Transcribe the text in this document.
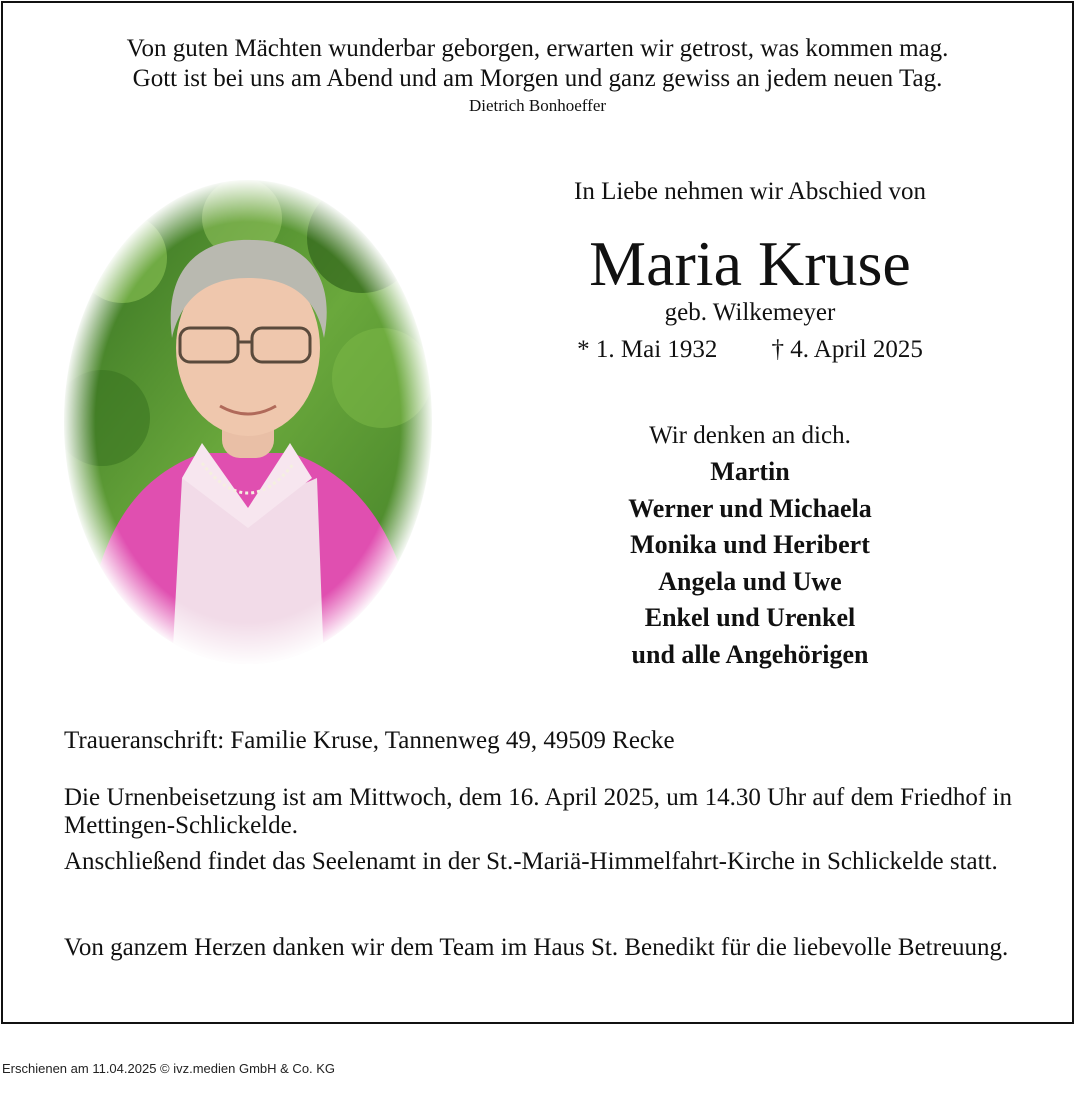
Von guten Mächten wunderbar geborgen, erwarten wir getrost, was kommen mag.
Gott ist bei uns am Abend und am Morgen und ganz gewiss an jedem neuen Tag.
Dietrich Bonhoeffer
In Liebe nehmen wir Abschied von
Maria Kruse
geb. Wilkemeyer
* 1. Mai 1932 † 4. April 2025
Wir denken an dich.
Martin
Werner und Michaela
Monika und Heribert
Angela und Uwe
Enkel und Urenkel
und alle Angehörigen
Traueranschrift: Familie Kruse, Tannenweg 49, 49509 Recke
Die Urnenbeisetzung ist am Mittwoch, dem 16. April 2025, um 14.30 Uhr auf dem Friedhof in Mettingen-Schlickelde.
Anschließend findet das Seelenamt in der St.-Mariä-Himmelfahrt-Kirche in Schlickelde statt.
Von ganzem Herzen danken wir dem Team im Haus St. Benedikt für die liebevolle Betreuung.
Erschienen am 11.04.2025 © ivz.medien GmbH & Co. KG
